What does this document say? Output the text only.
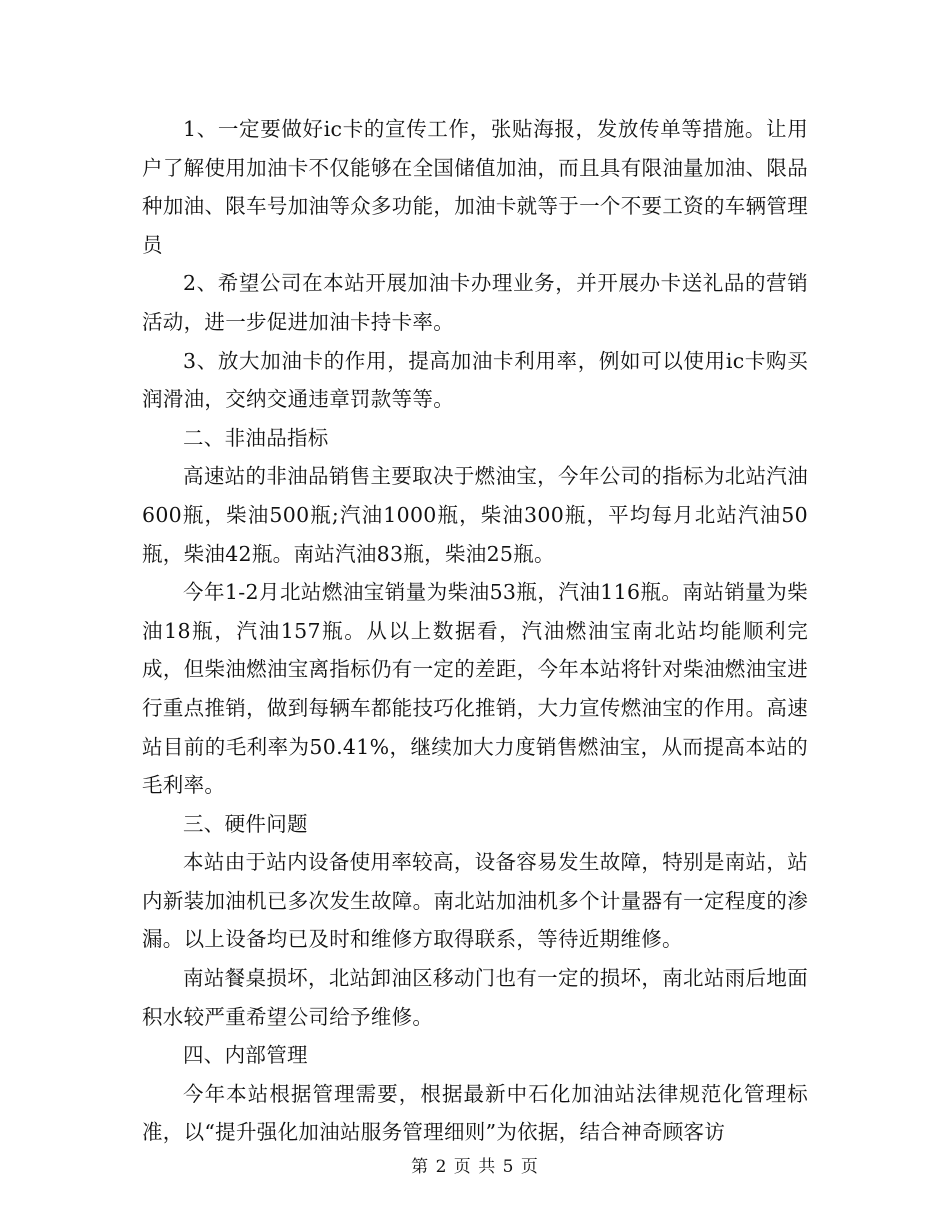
1、一定要做好ic卡的宣传工作，张贴海报，发放传单等措施。让用户了解使用加油卡不仅能够在全国储值加油，而且具有限油量加油、限品种加油、限车号加油等众多功能，加油卡就等于一个不要工资的车辆管理员

2、希望公司在本站开展加油卡办理业务，并开展办卡送礼品的营销活动，进一步促进加油卡持卡率。

3、放大加油卡的作用，提高加油卡利用率，例如可以使用ic卡购买润滑油，交纳交通违章罚款等等。

二、非油品指标

高速站的非油品销售主要取决于燃油宝，今年公司的指标为北站汽油600瓶，柴油500瓶;汽油1000瓶，柴油300瓶，平均每月北站汽油50瓶，柴油42瓶。南站汽油83瓶，柴油25瓶。

今年1-2月北站燃油宝销量为柴油53瓶，汽油116瓶。南站销量为柴油18瓶，汽油157瓶。从以上数据看，汽油燃油宝南北站均能顺利完成，但柴油燃油宝离指标仍有一定的差距，今年本站将针对柴油燃油宝进行重点推销，做到每辆车都能技巧化推销，大力宣传燃油宝的作用。高速站目前的毛利率为50.41%，继续加大力度销售燃油宝，从而提高本站的毛利率。

三、硬件问题

本站由于站内设备使用率较高，设备容易发生故障，特别是南站，站内新装加油机已多次发生故障。南北站加油机多个计量器有一定程度的渗漏。以上设备均已及时和维修方取得联系，等待近期维修。

南站餐桌损坏，北站卸油区移动门也有一定的损坏，南北站雨后地面积水较严重希望公司给予维修。

四、内部管理

今年本站根据管理需要，根据最新中石化加油站法律规范化管理标准，以“提升强化加油站服务管理细则”为依据，结合神奇顾客访

第 2 页 共 5 页
